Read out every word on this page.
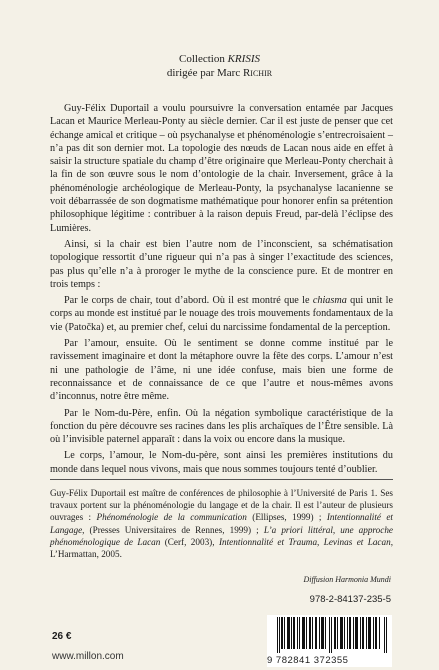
Collection KRISIS
dirigée par Marc Richir

Guy-Félix Duportail a voulu poursuivre la conversation entamée par Jacques Lacan et Maurice Merleau-Ponty au siècle dernier. Car il est juste de penser que cet échange amical et critique – où psychanalyse et phénoménologie s’entrecroisaient – n’a pas dit son dernier mot. La topologie des nœuds de Lacan nous aide en effet à saisir la structure spatiale du champ d’être originaire que Merleau-Ponty cherchait à la fin de son œuvre sous le nom d’ontologie de la chair. Inversement, grâce à la phénoménologie archéologique de Merleau-Ponty, la psychanalyse lacanienne se voit débarrassée de son dogmatisme mathématique pour honorer enfin sa prétention philosophique légitime : contribuer à la raison depuis Freud, par-delà l’éclipse des Lumières.

Ainsi, si la chair est bien l’autre nom de l’inconscient, sa schématisation topologique ressortit d’une rigueur qui n’a pas à singer l’exactitude des sciences, pas plus qu’elle n’a à proroger le mythe de la conscience pure. Et de montrer en trois temps :

Par le corps de chair, tout d’abord. Où il est montré que le chiasma qui unit le corps au monde est institué par le nouage des trois mouvements fondamentaux de la vie (Patočka) et, au premier chef, celui du narcissime fondamental de la perception.

Par l’amour, ensuite. Où le sentiment se donne comme institué par le ravissement imaginaire et dont la métaphore ouvre la fête des corps. L’amour n’est ni une pathologie de l’âme, ni une idée confuse, mais bien une forme de reconnaissance et de connaissance de ce que l’autre et nous-mêmes avons d’inconnus, notre être même.

Par le Nom-du-Père, enfin. Où la négation symbolique caractéristique de la fonction du père découvre ses racines dans les plis archaïques de l’Être sensible. Là où l’invisible paternel apparaît : dans la voix ou encore dans la musique.

Le corps, l’amour, le Nom-du-père, sont ainsi les premières institutions du monde dans lequel nous vivons, mais que nous sommes toujours tenté d’oublier.

Guy-Félix Duportail est maître de conférences de philosophie à l’Université de Paris 1. Ses travaux portent sur la phénoménologie du langage et de la chair. Il est l’auteur de plusieurs ouvrages : Phénoménologie de la communication (Ellipses, 1999) ; Intentionnalité et Langage, (Presses Universitaires de Rennes, 1999) ; L’a priori littéral, une approche phénoménologique de Lacan (Cerf, 2003), Intentionnalité et Trauma, Levinas et Lacan, L’Harmattan, 2005.

Diffusion Harmonia Mundi
978-2-84137-235-5
26 €
www.millon.com	9 782841 372355
